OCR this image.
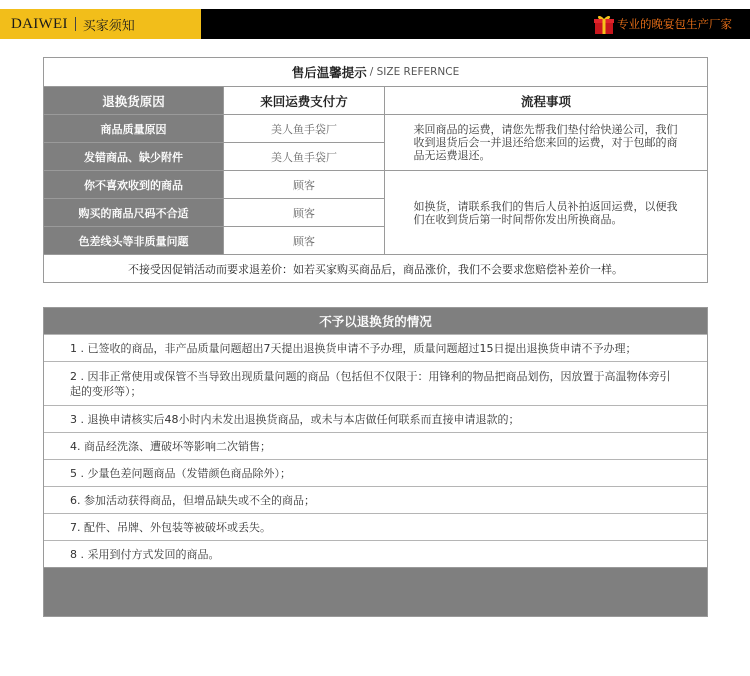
DAIWEI 买家须知	专业的晚宴包生产厂家
售后温馨提示 / SIZE REFERNCE
退换货原因
商品质量原因
发错商品、缺少附件
你不喜欢收到的商品
购买的商品尺码不合适
色差线头等非质量问题
来回运费支付方
美人鱼手袋厂
美人鱼手袋厂
顾客
顾客
顾客
流程事项

来回商品的运费，请您先帮我们垫付给快递公司，我们收到退货后会一并退还给您来回的运费，对于包邮的商品无运费退还。

如换货，请联系我们的售后人员补拍返回运费，以便我们在收到货后第一时间帮你发出所换商品。

不接受因促销活动而要求退差价：如若买家购买商品后，商品涨价，我们不会要求您赔偿补差价一样。
不予以退换货的情况
1 . 已签收的商品，非产品质量问题超出7天提出退换货申请不予办理，质量问题超过15日提出退换货申请不予办理；
2 . 因非正常使用或保管不当导致出现质量问题的商品（包括但不仅限于：用锋利的物品把商品划伤，因放置于高温物体旁引起的变形等）；
3 . 退换申请核实后48小时内未发出退换货商品，或未与本店做任何联系而直接申请退款的；
4. 商品经洗涤、遭破坏等影响二次销售；
5 . 少量色差问题商品（发错颜色商品除外）；
6. 参加活动获得商品，但增品缺失或不全的商品；
7. 配件、吊牌、外包装等被破坏或丢失。
8 . 采用到付方式发回的商品。
